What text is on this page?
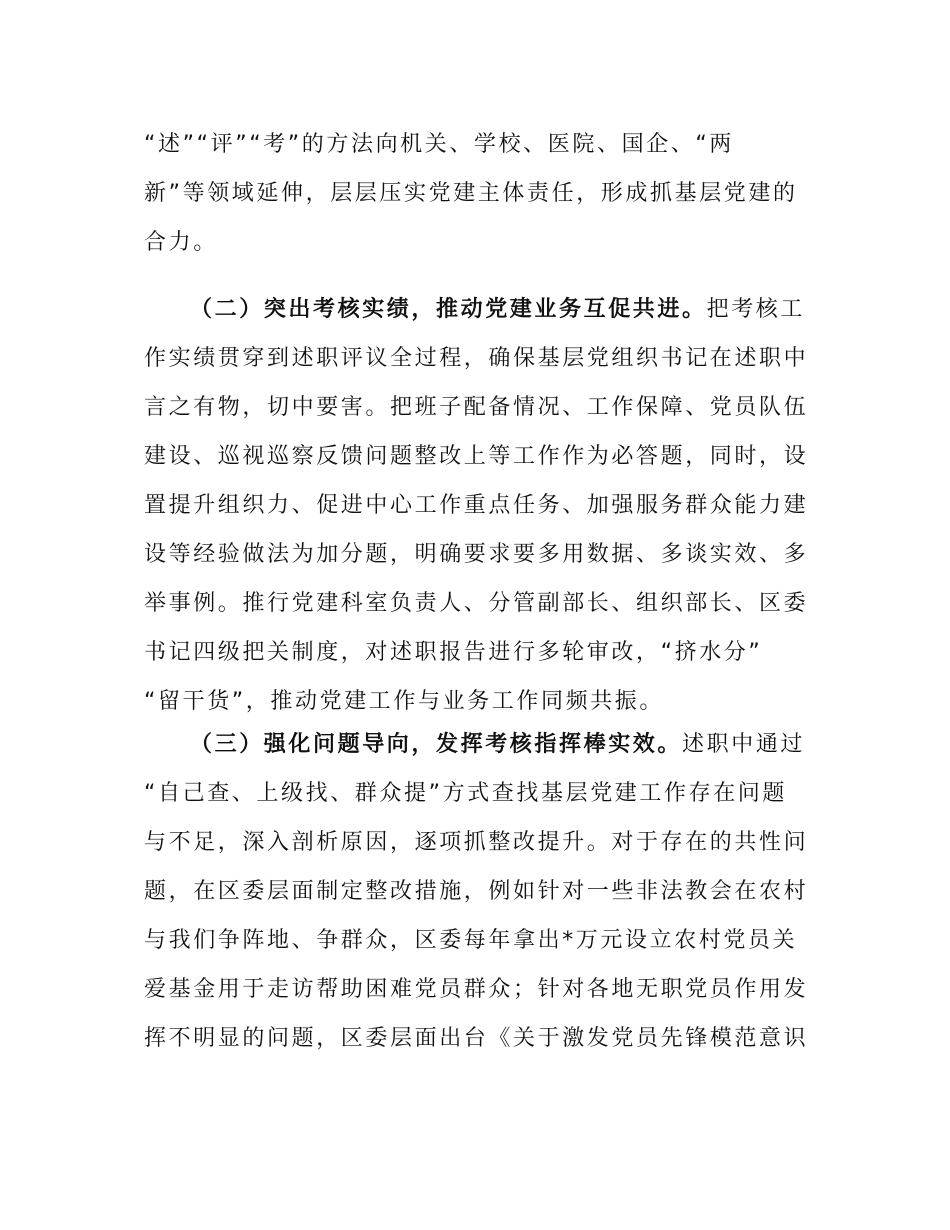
“述”“评”“考”的方法向机关、学校、医院、国企、“两
新”等领域延伸，层层压实党建主体责任，形成抓基层党建的
合力。
（二）突出考核实绩，推动党建业务互促共进。把考核工
作实绩贯穿到述职评议全过程，确保基层党组织书记在述职中
言之有物，切中要害。把班子配备情况、工作保障、党员队伍
建设、巡视巡察反馈问题整改上等工作作为必答题，同时，设
置提升组织力、促进中心工作重点任务、加强服务群众能力建
设等经验做法为加分题，明确要求要多用数据、多谈实效、多
举事例。推行党建科室负责人、分管副部长、组织部长、区委
书记四级把关制度，对述职报告进行多轮审改，“挤水分”
“留干货”，推动党建工作与业务工作同频共振。
（三）强化问题导向，发挥考核指挥棒实效。述职中通过
“自己查、上级找、群众提”方式查找基层党建工作存在问题
与不足，深入剖析原因，逐项抓整改提升。对于存在的共性问
题，在区委层面制定整改措施，例如针对一些非法教会在农村
与我们争阵地、争群众，区委每年拿出*万元设立农村党员关
爱基金用于走访帮助困难党员群众；针对各地无职党员作用发
挥不明显的问题，区委层面出台《关于激发党员先锋模范意识
